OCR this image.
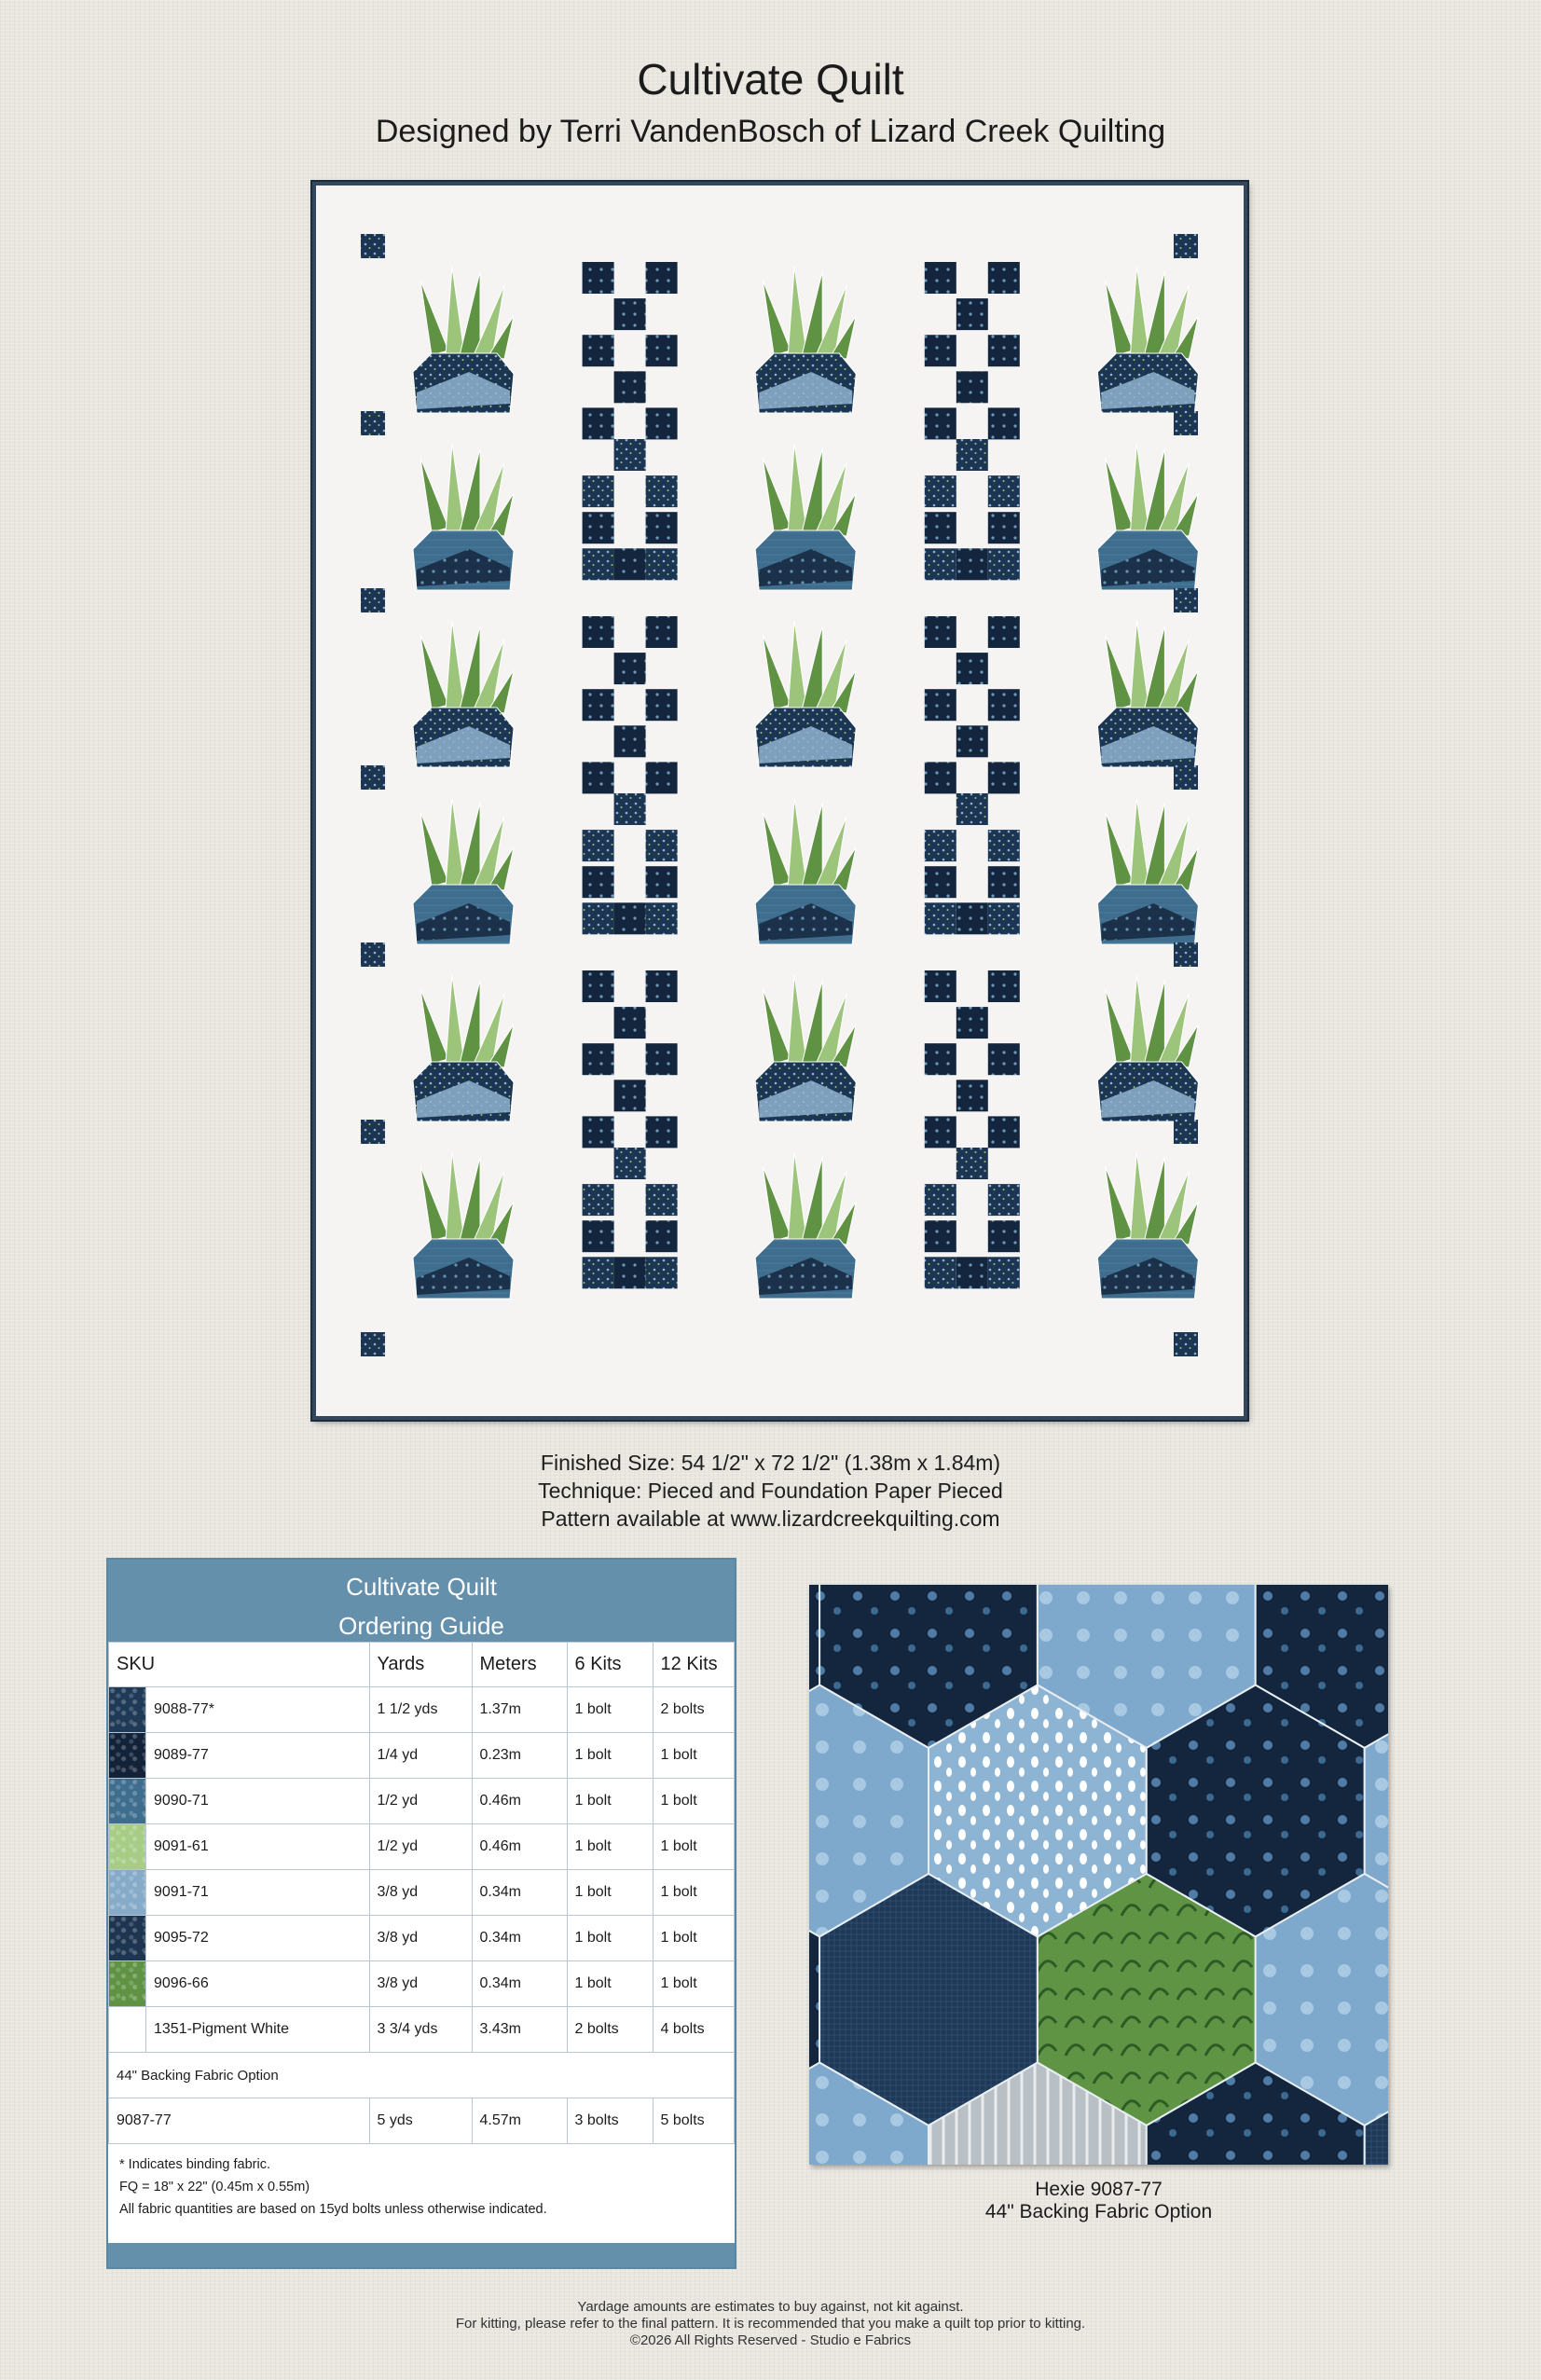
Cultivate Quilt
Designed by Terri VandenBosch of Lizard Creek Quilting
Finished Size: 54 1/2" x 72 1/2" (1.38m x 1.84m)
Technique: Pieced and Foundation Paper Pieced
Pattern available at www.lizardcreekquilting.com
Cultivate Quilt
Ordering Guide
SKU		Yards	Meters	6 Kits	12 Kits

	9088-77*	1 1/2 yds	1.37m	1 bolt	2 bolts

	9089-77	1/4 yd	0.23m	1 bolt	1 bolt

	9090-71	1/2 yd	0.46m	1 bolt	1 bolt

	9091-61	1/2 yd	0.46m	1 bolt	1 bolt

	9091-71	3/8 yd	0.34m	1 bolt	1 bolt

	9095-72	3/8 yd	0.34m	1 bolt	1 bolt

	9096-66	3/8 yd	0.34m	1 bolt	1 bolt

	1351-Pigment White	3 3/4 yds	3.43m	2 bolts	4 bolts
44" Backing Fabric Option					
9087-77		5 yds	4.57m	3 bolts	5 bolts
* Indicates binding fabric.
FQ = 18" x 22" (0.45m x 0.55m)
All fabric quantities are based on 15yd bolts unless otherwise indicated.
Hexie 9087-77
44" Backing Fabric Option
Yardage amounts are estimates to buy against, not kit against.
For kitting, please refer to the final pattern. It is recommended that you make a quilt top prior to kitting.
©2026 All Rights Reserved - Studio e Fabrics
